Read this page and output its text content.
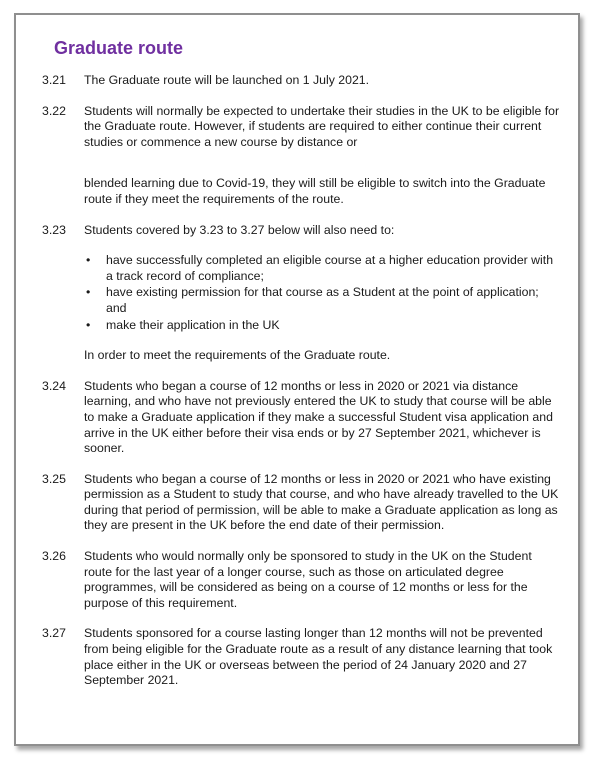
Graduate route
3.21	The Graduate route will be launched on 1 July 2021.
3.22	Students will normally be expected to undertake their studies in the UK to be eligible for the Graduate route. However, if students are required to either continue their current studies or commence a new course by distance or
blended learning due to Covid-19, they will still be eligible to switch into the Graduate route if they meet the requirements of the route.
3.23	Students covered by 3.23 to 3.27 below will also need to:
•	have successfully completed an eligible course at a higher education provider with a track record of compliance;
•	have existing permission for that course as a Student at the point of application; and
•	make their application in the UK
In order to meet the requirements of the Graduate route.
3.24	Students who began a course of 12 months or less in 2020 or 2021 via distance learning, and who have not previously entered the UK to study that course will be able to make a Graduate application if they make a successful Student visa application and arrive in the UK either before their visa ends or by 27 September 2021, whichever is sooner.
3.25	Students who began a course of 12 months or less in 2020 or 2021 who have existing permission as a Student to study that course, and who have already travelled to the UK during that period of permission, will be able to make a Graduate application as long as they are present in the UK before the end date of their permission.
3.26	Students who would normally only be sponsored to study in the UK on the Student route for the last year of a longer course, such as those on articulated degree programmes, will be considered as being on a course of 12 months or less for the purpose of this requirement.
3.27	Students sponsored for a course lasting longer than 12 months will not be prevented from being eligible for the Graduate route as a result of any distance learning that took place either in the UK or overseas between the period of 24 January 2020 and 27 September 2021.
